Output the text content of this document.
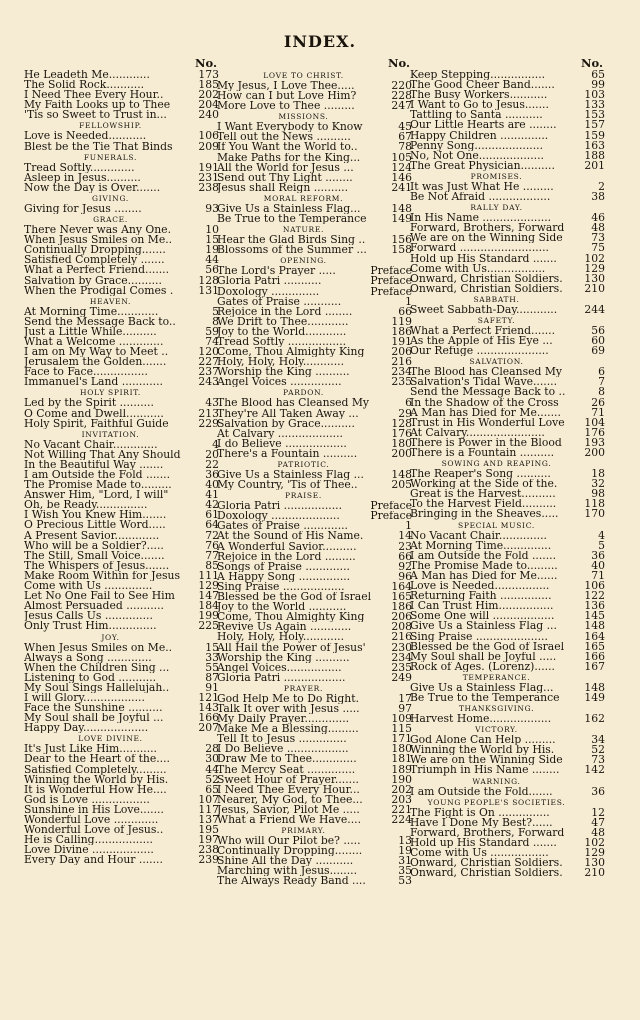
INDEX.
No.
He Leadeth Me............	173
The Solid Rock...........	185
I Need Thee Every Hour..	202
My Faith Looks up to Thee	204
'Tis so Sweet to Trust in...	240
FELLOWSHIP.
Love is Needed...........	106
Blest be the Tie That Binds	209
FUNERALS.
Tread Softly.............	191
Asleep in Jesus..........	231
Now the Day is Over.......	238
GIVING.
Giving for Jesus ........	93
GRACE.
There Never was Any One.	10
When Jesus Smiles on Me..	15
Continually Dropping.......	19
Satisfied Completely .......	44
What a Perfect Friend.......	56
Salvation by Grace..........	128
When the Prodigal Comes .	131
HEAVEN.
At Morning Time............	5
Send the Message Back to..	8
Just a Little While..........	59
What a Welcome .............	74
I am on My Way to Meet ..	120
Jerusalem the Golden.......	227
Face to Face................	237
Immanuel's Land ............	243
HOLY SPIRIT.
Led by the Spirit ..........	43
O Come and Dwell...........	213
Holy Spirit, Faithful Guide	229
INVITATION.
No Vacant Chair.............	4
Not Willing That Any Should	20
In the Beautiful Way .......	22
I am Outside the Fold .......	36
The Promise Made to.........	40
Answer Him, "Lord, I will"	41
Oh, be Ready...............	42
I Wish You Knew Him.......	61
O Precious Little Word.....	64
A Present Savior.............	72
Who will be a Soldier?.....	76
The Still, Small Voice.......	77
The Whispers of Jesus.......	85
Make Room Within for Jesus	111
Come with Us ..............	129
Let No One Fail to See Him	147
Almost Persuaded ...........	184
Jesus Calls Us ..............	199
Only Trust Him..............	225
JOY.
When Jesus Smiles on Me..	15
Always a Song .............	33
When the Children Sing ...	55
Listening to God ...........	87
My Soul Sings Hallelujah..	91
I will Glory..................	121
Face the Sunshine ..........	143
My Soul shall be Joyful ...	166
Happy Day...................	207
LOVE DIVINE.
It's Just Like Him...........	28
Dear to the Heart of the....	30
Satisfied Completely.........	44
Winning the World by His.	52
It is Wonderful How He....	65
God is Love .................	107
Sunshine in His Love.......	117
Wonderful Love .............	137
Wonderful Love of Jesus..	195
He is Calling.................	197
Love Divine ..................	238
Every Day and Hour .......	239
No.
LOVE TO CHRIST.
My Jesus, I Love Thee.....	220
How can I but Love Him?	228
More Love to Thee .........	247
MISSIONS.
I Want Everybody to Know	45
Tell out the News ..........	67
If You Want the World to..	78
Make Paths for the King...	105
All the World for Jesus ...	124
Send out Thy Light ........	146
Jesus shall Reign ..........	241
MORAL REFORM.
Give Us a Stainless Flag...	148
Be True to the Temperance	149
NATURE.
Hear the Glad Birds Sing ..	156
Blossoms of the Summer ...	158
OPENING.
The Lord's Prayer .....	Preface
Gloria Patri ...........	Preface
Doxology ..............	Preface
Gates of Praise ...........	1
Rejoice in the Lord ........	66
We Drift to Thee............	119
Joy to the World............	186
Tread Softly .................	191
Come, Thou Almighty King	206
Holy, Holy, Holy............	216
Worship the King ..........	234
Angel Voices ...............	235
PARDON.
The Blood has Cleansed My	6
They're All Taken Away ...	29
Salvation by Grace..........	128
At Calvary ...................	176
I do Believe ..................	180
There's a Fountain ..........	200
PATRIOTIC.
Give Us a Stainless Flag ...	148
My Country, 'Tis of Thee..	205
PRAISE.
Gloria Patri .................	Preface
Doxology ....................	Preface
Gates of Praise .............	1
At the Sound of His Name.	14
A Wonderful Savior..........	23
Rejoice in the Lord .........	66
Songs of Praise .............	92
A Happy Song ...............	96
Sing Praise ..................	164
Blessed be the God of Israel	165
Joy to the World ...........	186
Come, Thou Almighty King	206
Revive Us Again ............	208
Holy, Holy, Holy............	216
All Hail the Power of Jesus'	230
Worship the King ..........	234
Angel Voices................	235
Gloria Patri ..................	249
PRAYER.
God Help Me to Do Right.	17
Talk It over with Jesus .....	97
My Daily Prayer.............	109
Make Me a Blessing.........	115
Tell It to Jesus ..............	171
I Do Believe ..................	180
Draw Me to Thee.............	181
The Mercy Seat ..............	189
Sweet Hour of Prayer.......	190
I Need Thee Every Hour...	202
Nearer, My God, to Thee...	203
Jesus, Savior, Pilot Me .....	221
What a Friend We Have....	224
PRIMARY.
Who will Our Pilot be? .....	13
Continually Dropping........	19
Shine All the Day ...........	31
Marching with Jesus........	35
The Always Ready Band ....	53
No.
Keep Stepping................	65
The Good Cheer Band.......	99
The Busy Workers...........	103
I Want to Go to Jesus.......	133
Tattling to Santa ...........	153
Our Little Hearts are ........	157
Happy Children ..............	159
Penny Song....................	163
No, Not One...................	188
The Great Physician..........	201
PROMISES.
It was Just What He .........	2
Be Not Afraid ..................	38
RALLY DAY.
In His Name ....................	46
Forward, Brothers, Forward	48
We are on the Winning Side	73
Forward ..........................	75
Hold up His Standard .......	102
Come with Us.................	129
Onward, Christian Soldiers.	130
Onward, Christian Soldiers.	210
SABBATH.
Sweet Sabbath-Day............	244
SAFETY.
What a Perfect Friend.......	56
As the Apple of His Eye ...	60
Our Refuge .....................	69
SALVATION.
The Blood has Cleansed My	6
Salvation's Tidal Wave.......	7
Send the Message Back to ..	8
In the Shadow of the Cross	26
A Man has Died for Me.......	71
Trust in His Wonderful Love	104
At Calvary.......................	176
There is Power in the Blood	193
There is a Fountain ..........	200
SOWING AND REAPING.
The Reaper's Song ..........	18
Working at the Side of the.	32
Great is the Harvest..........	98
To the Harvest Field..........	118
Bringing in the Sheaves.....	170
SPECIAL MUSIC.
No Vacant Chair..............	4
At Morning Time..............	5
I am Outside the Fold .......	36
The Promise Made to.........	40
A Man has Died for Me......	71
Love is Needed................	106
Returning Faith ...............	122
I Can Trust Him................	136
Some One will ..................	145
Give Us a Stainless Flag ...	148
Sing Praise .....................	164
Blessed be the God of Israel	165
My Soul shall be Joyful .....	166
Rock of Ages. (Lorenz)......	167
TEMPERANCE.
Give Us a Stainless Flag...	148
Be True to the Temperance	149
THANKSGIVING.
Harvest Home..................	162
VICTORY.
God Alone Can Help .........	34
Winning the World by His.	52
We are on the Winning Side	73
Triumph in His Name ........	142
WARNING.
I am Outside the Fold.......	36
YOUNG PEOPLE'S SOCIETIES.
The Fight is On ...............	12
Have I Done My Best?......	47
Forward, Brothers, Forward	48
Hold up His Standard .......	102
Come with Us .................	129
Onward, Christian Soldiers.	130
Onward, Christian Soldiers.	210
